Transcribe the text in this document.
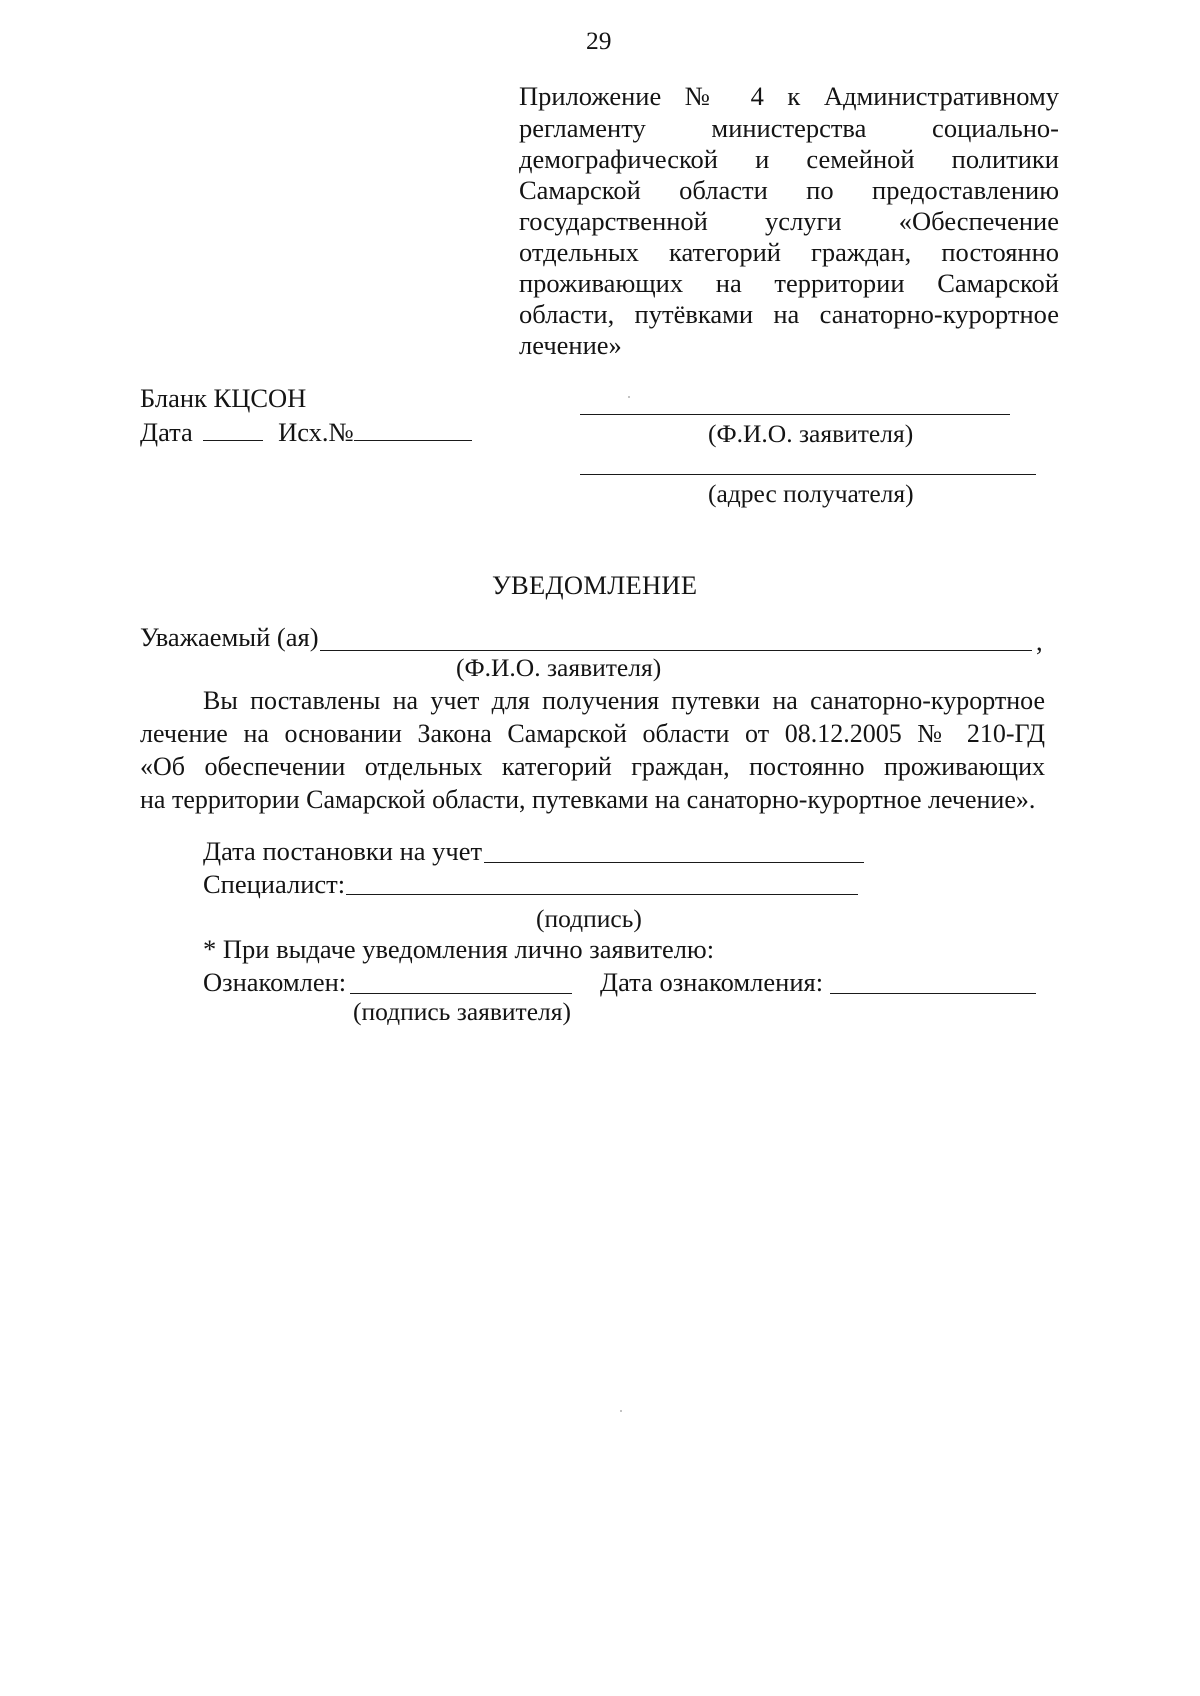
29
Приложение № 4 к Административному
регламенту министерства социально-
демографической и семейной политики
Самарской области по предоставлению
государственной услуги «Обеспечение
отдельных категорий граждан, постоянно
проживающих на территории Самарской
области, путёвками на санаторно-курортное
лечение»
Бланк КЦСОН
Дата	Исх.№	(Ф.И.О. заявителя)
(адрес получателя)
УВЕДОМЛЕНИЕ
Уважаемый (ая)	,
(Ф.И.О. заявителя)
Вы поставлены на учет для получения путевки на санаторно-курортное
лечение на основании Закона Самарской области от 08.12.2005 № 210-ГД
«Об обеспечении отдельных категорий граждан, постоянно проживающих
на территории Самарской области, путевками на санаторно-курортное лечение».
Дата постановки на учет
Специалист:
(подпись)
* При выдаче уведомления лично заявителю:
Ознакомлен:	Дата ознакомления:
(подпись заявителя)
